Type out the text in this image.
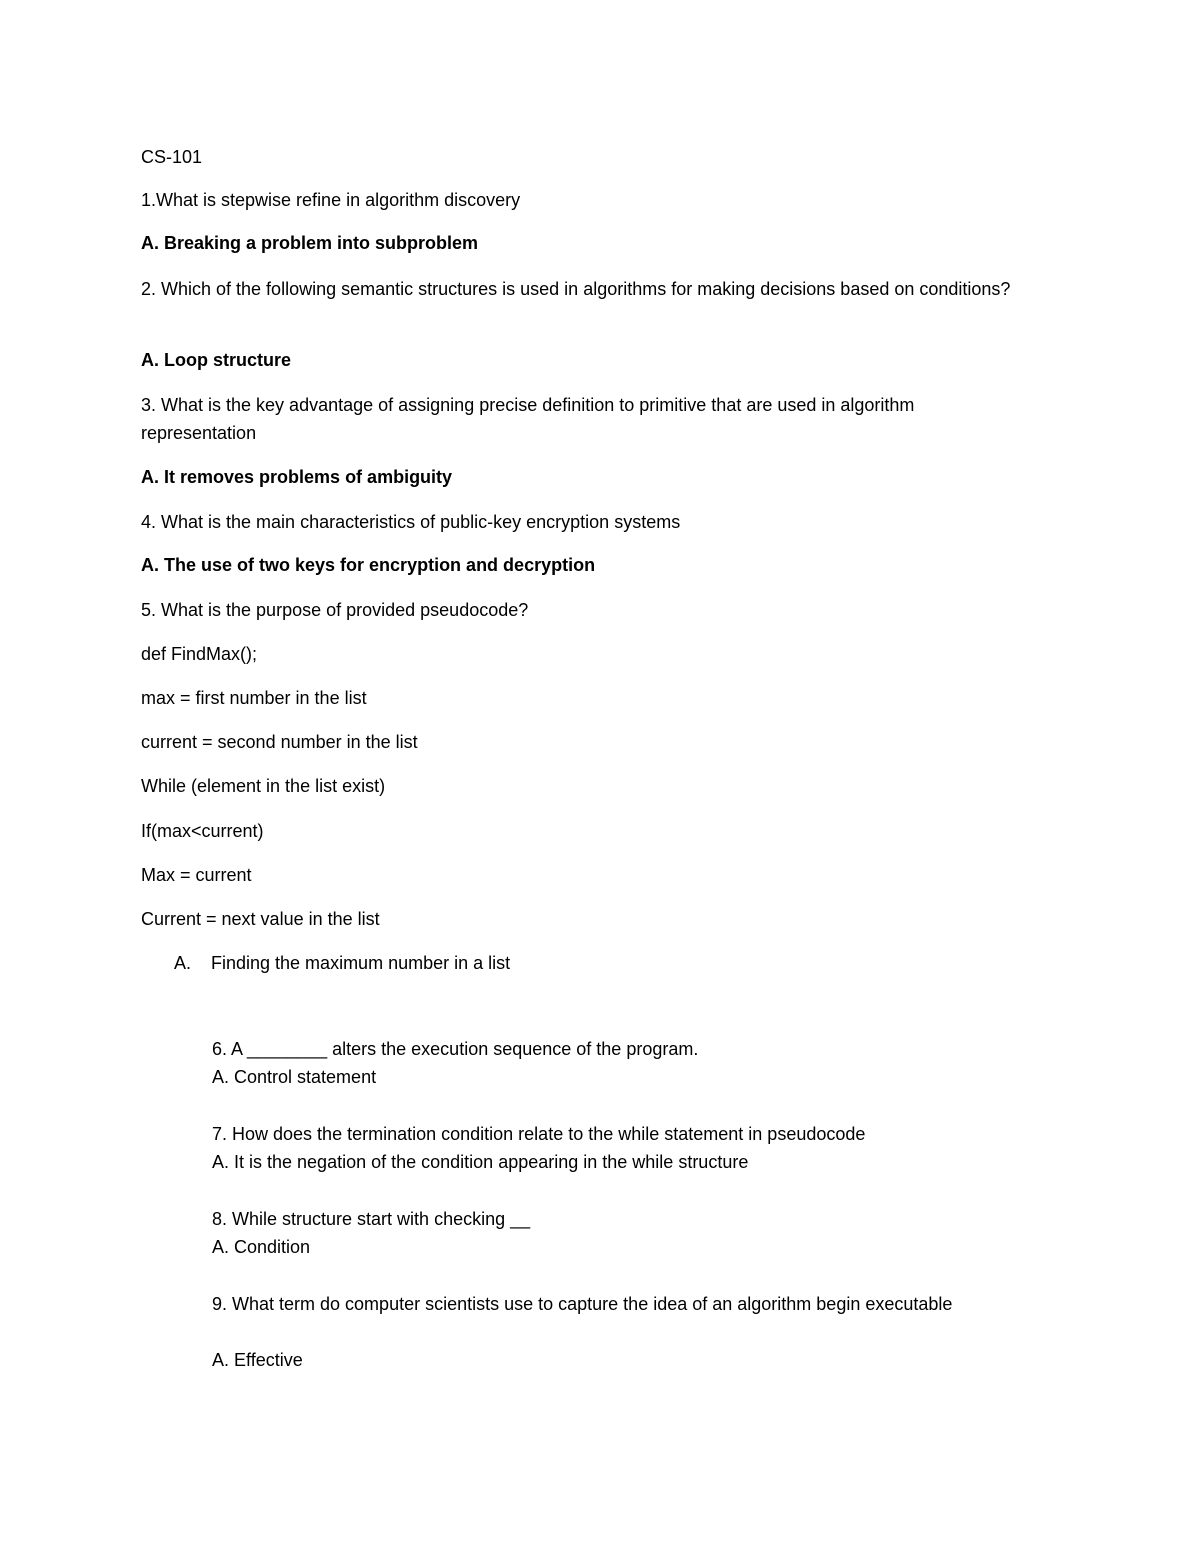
CS-101
1.What is stepwise refine in algorithm discovery
A. Breaking a problem into subproblem
2. Which of the following semantic structures is used in algorithms for making decisions based on conditions?
A. Loop structure
3. What is the key advantage of assigning precise definition to primitive that are used in algorithm representation
A. It removes problems of ambiguity
4. What is the main characteristics of public-key encryption systems
A. The use of two keys for encryption and decryption
5. What is the purpose of provided pseudocode?
def FindMax();
max = first number in the list
current = second number in the list
While (element in the list exist)
If(max<current)
Max = current
Current = next value in the list
A. Finding the maximum number in a list
6. A ________ alters the execution sequence of the program.
A. Control statement
7. How does the termination condition relate to the while statement in pseudocode
A. It is the negation of the condition appearing in the while structure
8. While structure start with checking __
A. Condition
9. What term do computer scientists use to capture the idea of an algorithm begin executable
A. Effective
